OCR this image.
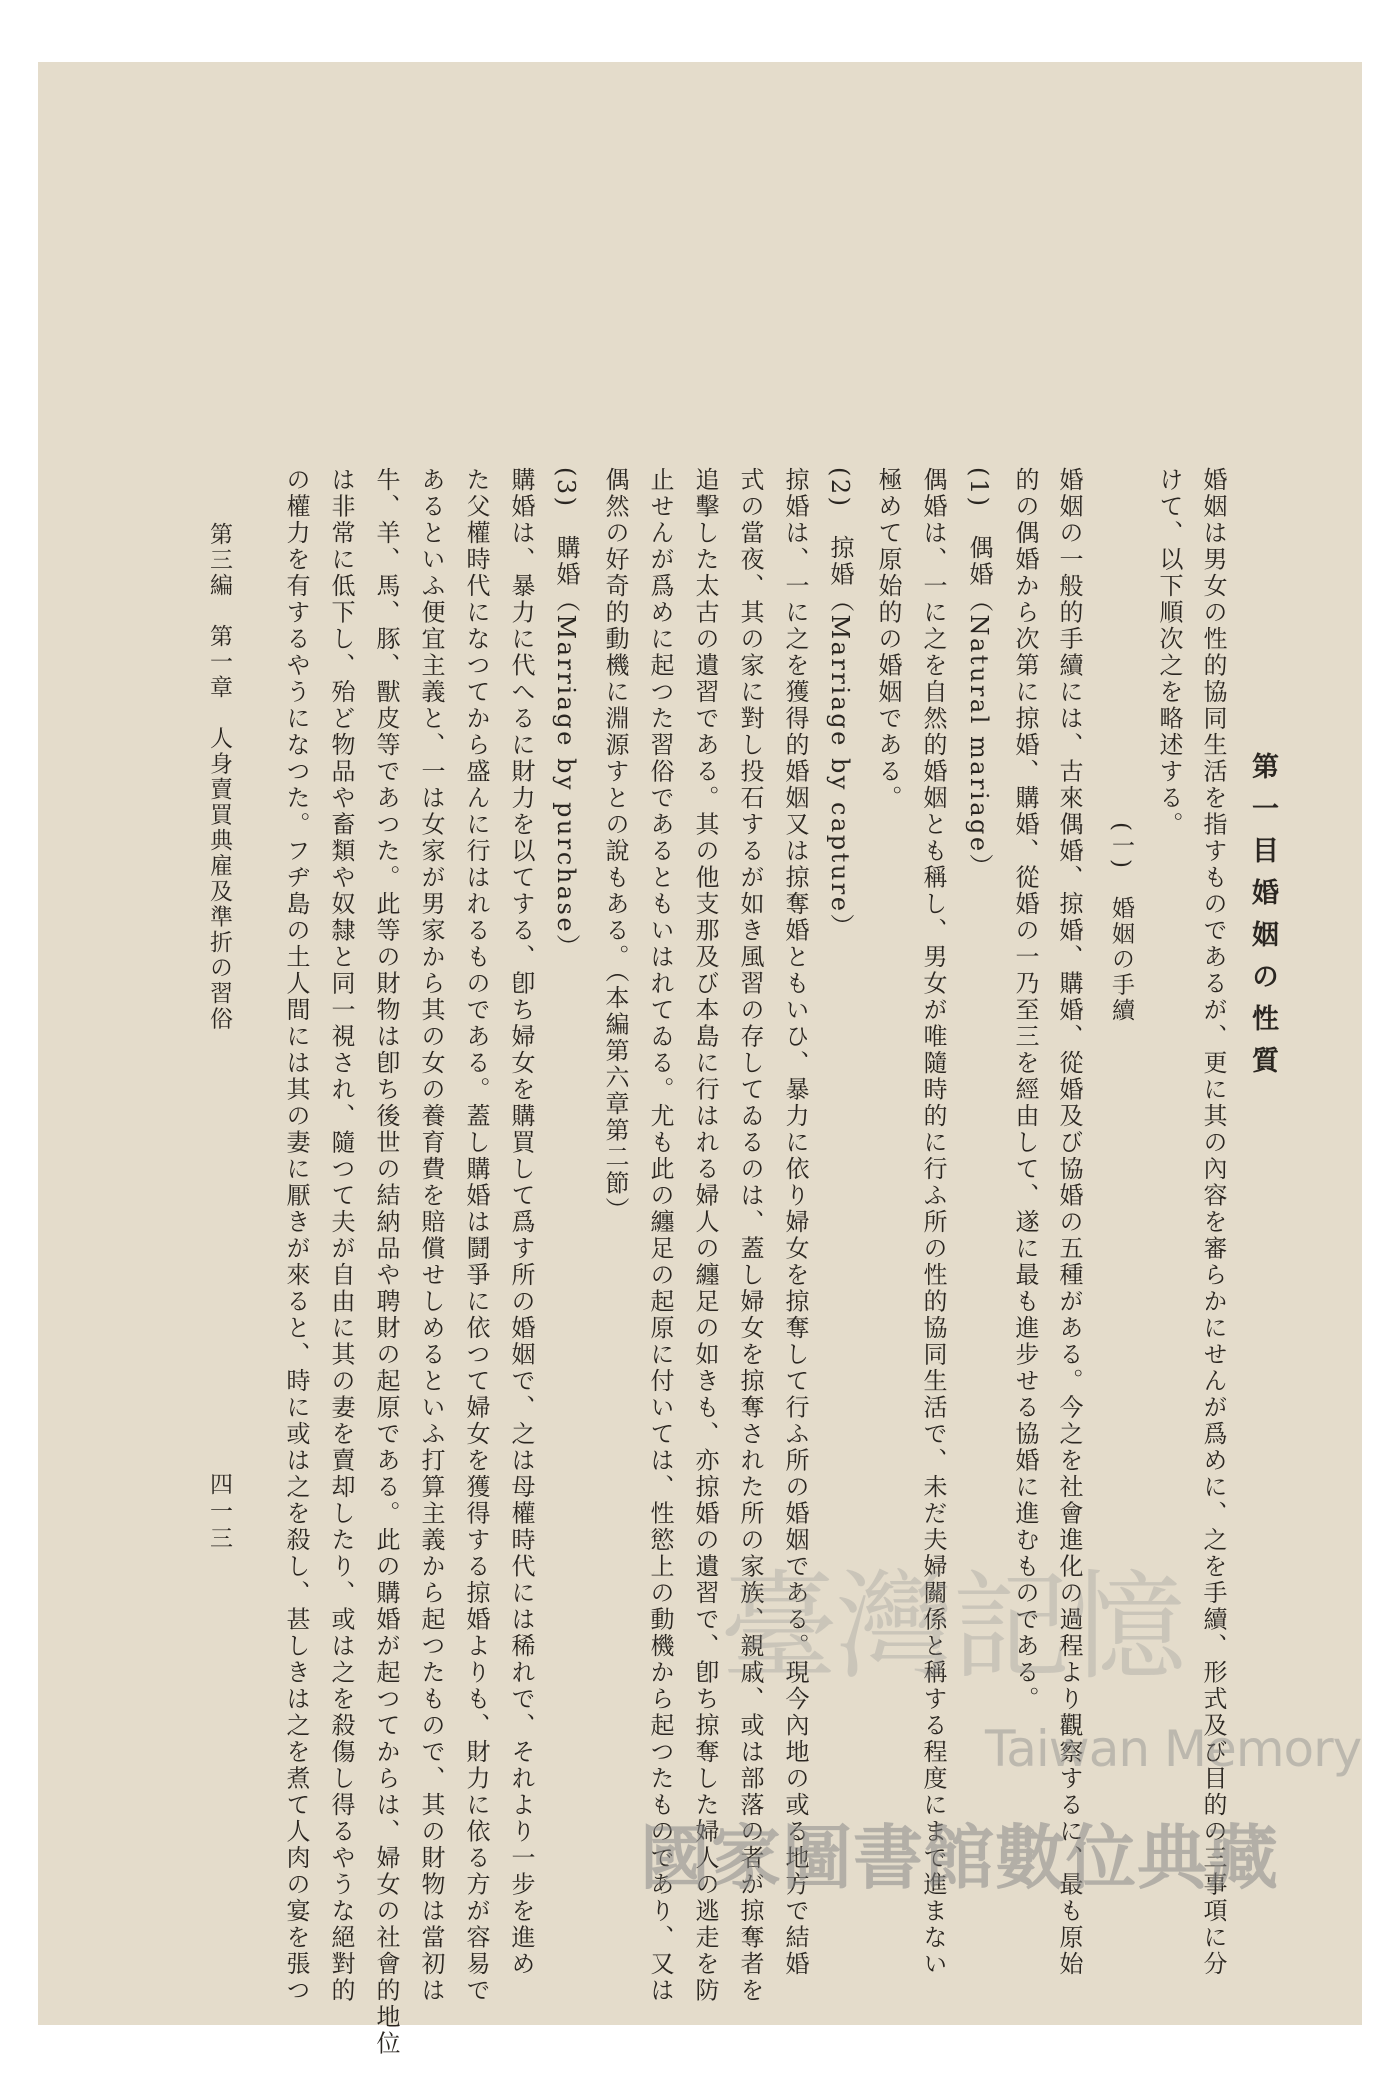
第一目婚姻の性質
婚姻は男女の性的協同生活を指すものであるが、更に其の內容を審らかにせんが爲めに、之を手續、形式及び目的の三事項に分
けて、以下順次之を略述する。
(一)　婚姻の手續
婚姻の一般的手續には、古來偶婚、掠婚、購婚、從婚及び協婚の五種がある。今之を社會進化の過程より觀察するに、最も原始
的の偶婚から次第に掠婚、購婚、從婚の一乃至三を經由して、遂に最も進步せる協婚に進むものである。
(1)　偶婚（Natural mariage）
偶婚は、一に之を自然的婚姻とも稱し、男女が唯隨時的に行ふ所の性的協同生活で、未だ夫婦關係と稱する程度にまで進まない
極めて原始的の婚姻である。
(2)　掠婚（Marriage by capture）
掠婚は、一に之を獲得的婚姻又は掠奪婚ともいひ、暴力に依り婦女を掠奪して行ふ所の婚姻である。現今內地の或る地方で結婚
式の當夜、其の家に對し投石するが如き風習の存してゐるのは、蓋し婦女を掠奪された所の家族、親戚、或は部落の者が掠奪者を
追擊した太古の遺習である。其の他支那及び本島に行はれる婦人の纏足の如きも、亦掠婚の遺習で、卽ち掠奪した婦人の逃走を防
止せんが爲めに起つた習俗であるともいはれてゐる。尤も此の纏足の起原に付いては、性慾上の動機から起つたものであり、又は
偶然の好奇的動機に淵源すとの說もある。（本編第六章第二節）
(3)　購婚（Marriage by purchase）
購婚は、暴力に代へるに財力を以てする、卽ち婦女を購買して爲す所の婚姻で、之は母權時代には稀れで、それより一步を進め
た父權時代になつてから盛んに行はれるものである。蓋し購婚は鬪爭に依つて婦女を獲得する掠婚よりも、財力に依る方が容易で
あるといふ便宜主義と、一は女家が男家から其の女の養育費を賠償せしめるといふ打算主義から起つたもので、其の財物は當初は
牛、羊、馬、豚、獸皮等であつた。此等の財物は卽ち後世の結納品や聘財の起原である。此の購婚が起つてからは、婦女の社會的地位
は非常に低下し、殆ど物品や畜類や奴隸と同一視され、隨つて夫が自由に其の妻を賣却したり、或は之を殺傷し得るやうな絕對的
の權力を有するやうになつた。フヂ島の土人間には其の妻に厭きが來ると、時に或は之を殺し、甚しきは之を煮て人肉の宴を張つ
第三編　第一章　人身賣買典雇及準折の習俗
四一三
臺灣記憶
Taiwan Memory
國家圖書館數位典藏
